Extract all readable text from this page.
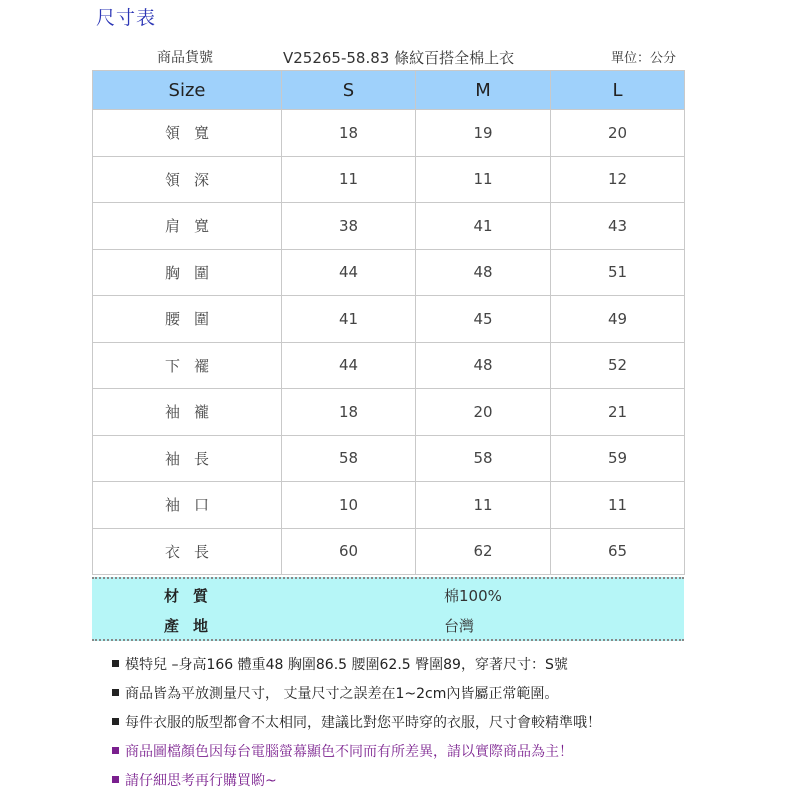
尺寸表
商品貨號	V25265-58.83 條紋百搭全棉上衣	單位：公分
Size	S	M	L
領寬	18	19	20
領深	11	11	12
肩寬	38	41	43
胸圍	44	48	51
腰圍	41	45	49
下襬	44	48	52
袖襱	18	20	21
袖長	58	58	59
袖口	10	11	11
衣長	60	62	65
材質	棉100%
產地	台灣
模特兒 –身高166 體重48 胸圍86.5 腰圍62.5 臀圍89，穿著尺寸：S號
商品皆為平放測量尺寸， 丈量尺寸之誤差在1~2cm內皆屬正常範圍。
每件衣服的版型都會不太相同，建議比對您平時穿的衣服，尺寸會較精準哦！
商品圖檔顏色因每台電腦螢幕顯色不同而有所差異，請以實際商品為主！
請仔細思考再行購買喲~
